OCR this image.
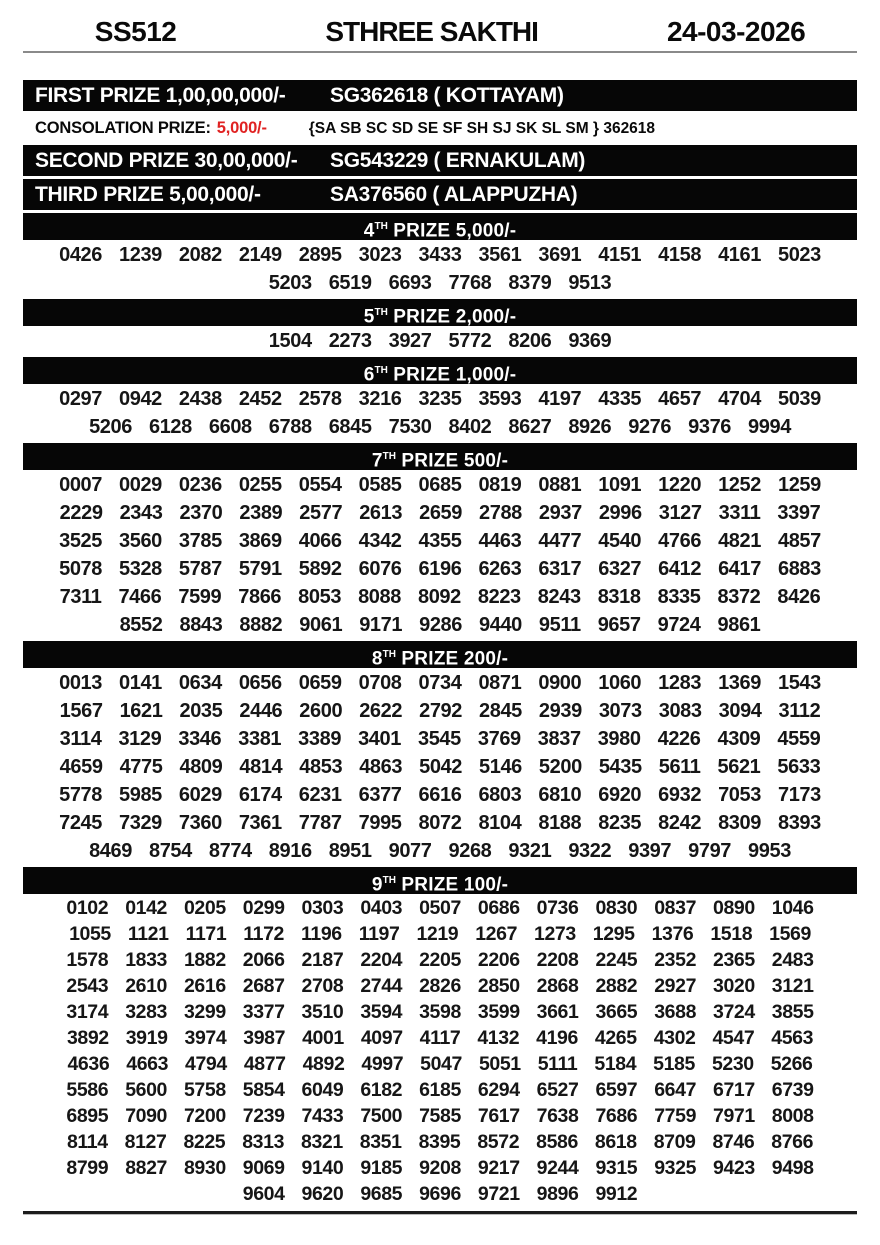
SS512	STHREE SAKTHI	24-03-2026
FIRST PRIZE 1,00,00,000/-	SG362618 ( KOTTAYAM)
CONSOLATION PRIZE: 5,000/-	{SA SB SC SD SE SF SH SJ SK SL SM } 362618
SECOND PRIZE 30,00,000/-	SG543229 ( ERNAKULAM)
THIRD PRIZE 5,00,000/-	SA376560 ( ALAPPUZHA)
4TH PRIZE 5,000/-
0426 1239 2082 2149 2895 3023 3433 3561 3691 4151 4158 4161 5023
5203 6519 6693 7768 8379 9513
5TH PRIZE 2,000/-
1504 2273 3927 5772 8206 9369
6TH PRIZE 1,000/-
0297 0942 2438 2452 2578 3216 3235 3593 4197 4335 4657 4704 5039
5206 6128 6608 6788 6845 7530 8402 8627 8926 9276 9376 9994
7TH PRIZE 500/-
0007 0029 0236 0255 0554 0585 0685 0819 0881 1091 1220 1252 1259
2229 2343 2370 2389 2577 2613 2659 2788 2937 2996 3127 3311 3397
3525 3560 3785 3869 4066 4342 4355 4463 4477 4540 4766 4821 4857
5078 5328 5787 5791 5892 6076 6196 6263 6317 6327 6412 6417 6883
7311 7466 7599 7866 8053 8088 8092 8223 8243 8318 8335 8372 8426
8552 8843 8882 9061 9171 9286 9440 9511 9657 9724 9861
8TH PRIZE 200/-
0013 0141 0634 0656 0659 0708 0734 0871 0900 1060 1283 1369 1543
1567 1621 2035 2446 2600 2622 2792 2845 2939 3073 3083 3094 3112
3114 3129 3346 3381 3389 3401 3545 3769 3837 3980 4226 4309 4559
4659 4775 4809 4814 4853 4863 5042 5146 5200 5435 5611 5621 5633
5778 5985 6029 6174 6231 6377 6616 6803 6810 6920 6932 7053 7173
7245 7329 7360 7361 7787 7995 8072 8104 8188 8235 8242 8309 8393
8469 8754 8774 8916 8951 9077 9268 9321 9322 9397 9797 9953
9TH PRIZE 100/-
0102 0142 0205 0299 0303 0403 0507 0686 0736 0830 0837 0890 1046
1055 1121 1171 1172 1196 1197 1219 1267 1273 1295 1376 1518 1569
1578 1833 1882 2066 2187 2204 2205 2206 2208 2245 2352 2365 2483
2543 2610 2616 2687 2708 2744 2826 2850 2868 2882 2927 3020 3121
3174 3283 3299 3377 3510 3594 3598 3599 3661 3665 3688 3724 3855
3892 3919 3974 3987 4001 4097 4117 4132 4196 4265 4302 4547 4563
4636 4663 4794 4877 4892 4997 5047 5051 5111 5184 5185 5230 5266
5586 5600 5758 5854 6049 6182 6185 6294 6527 6597 6647 6717 6739
6895 7090 7200 7239 7433 7500 7585 7617 7638 7686 7759 7971 8008
8114 8127 8225 8313 8321 8351 8395 8572 8586 8618 8709 8746 8766
8799 8827 8930 9069 9140 9185 9208 9217 9244 9315 9325 9423 9498
9604 9620 9685 9696 9721 9896 9912
